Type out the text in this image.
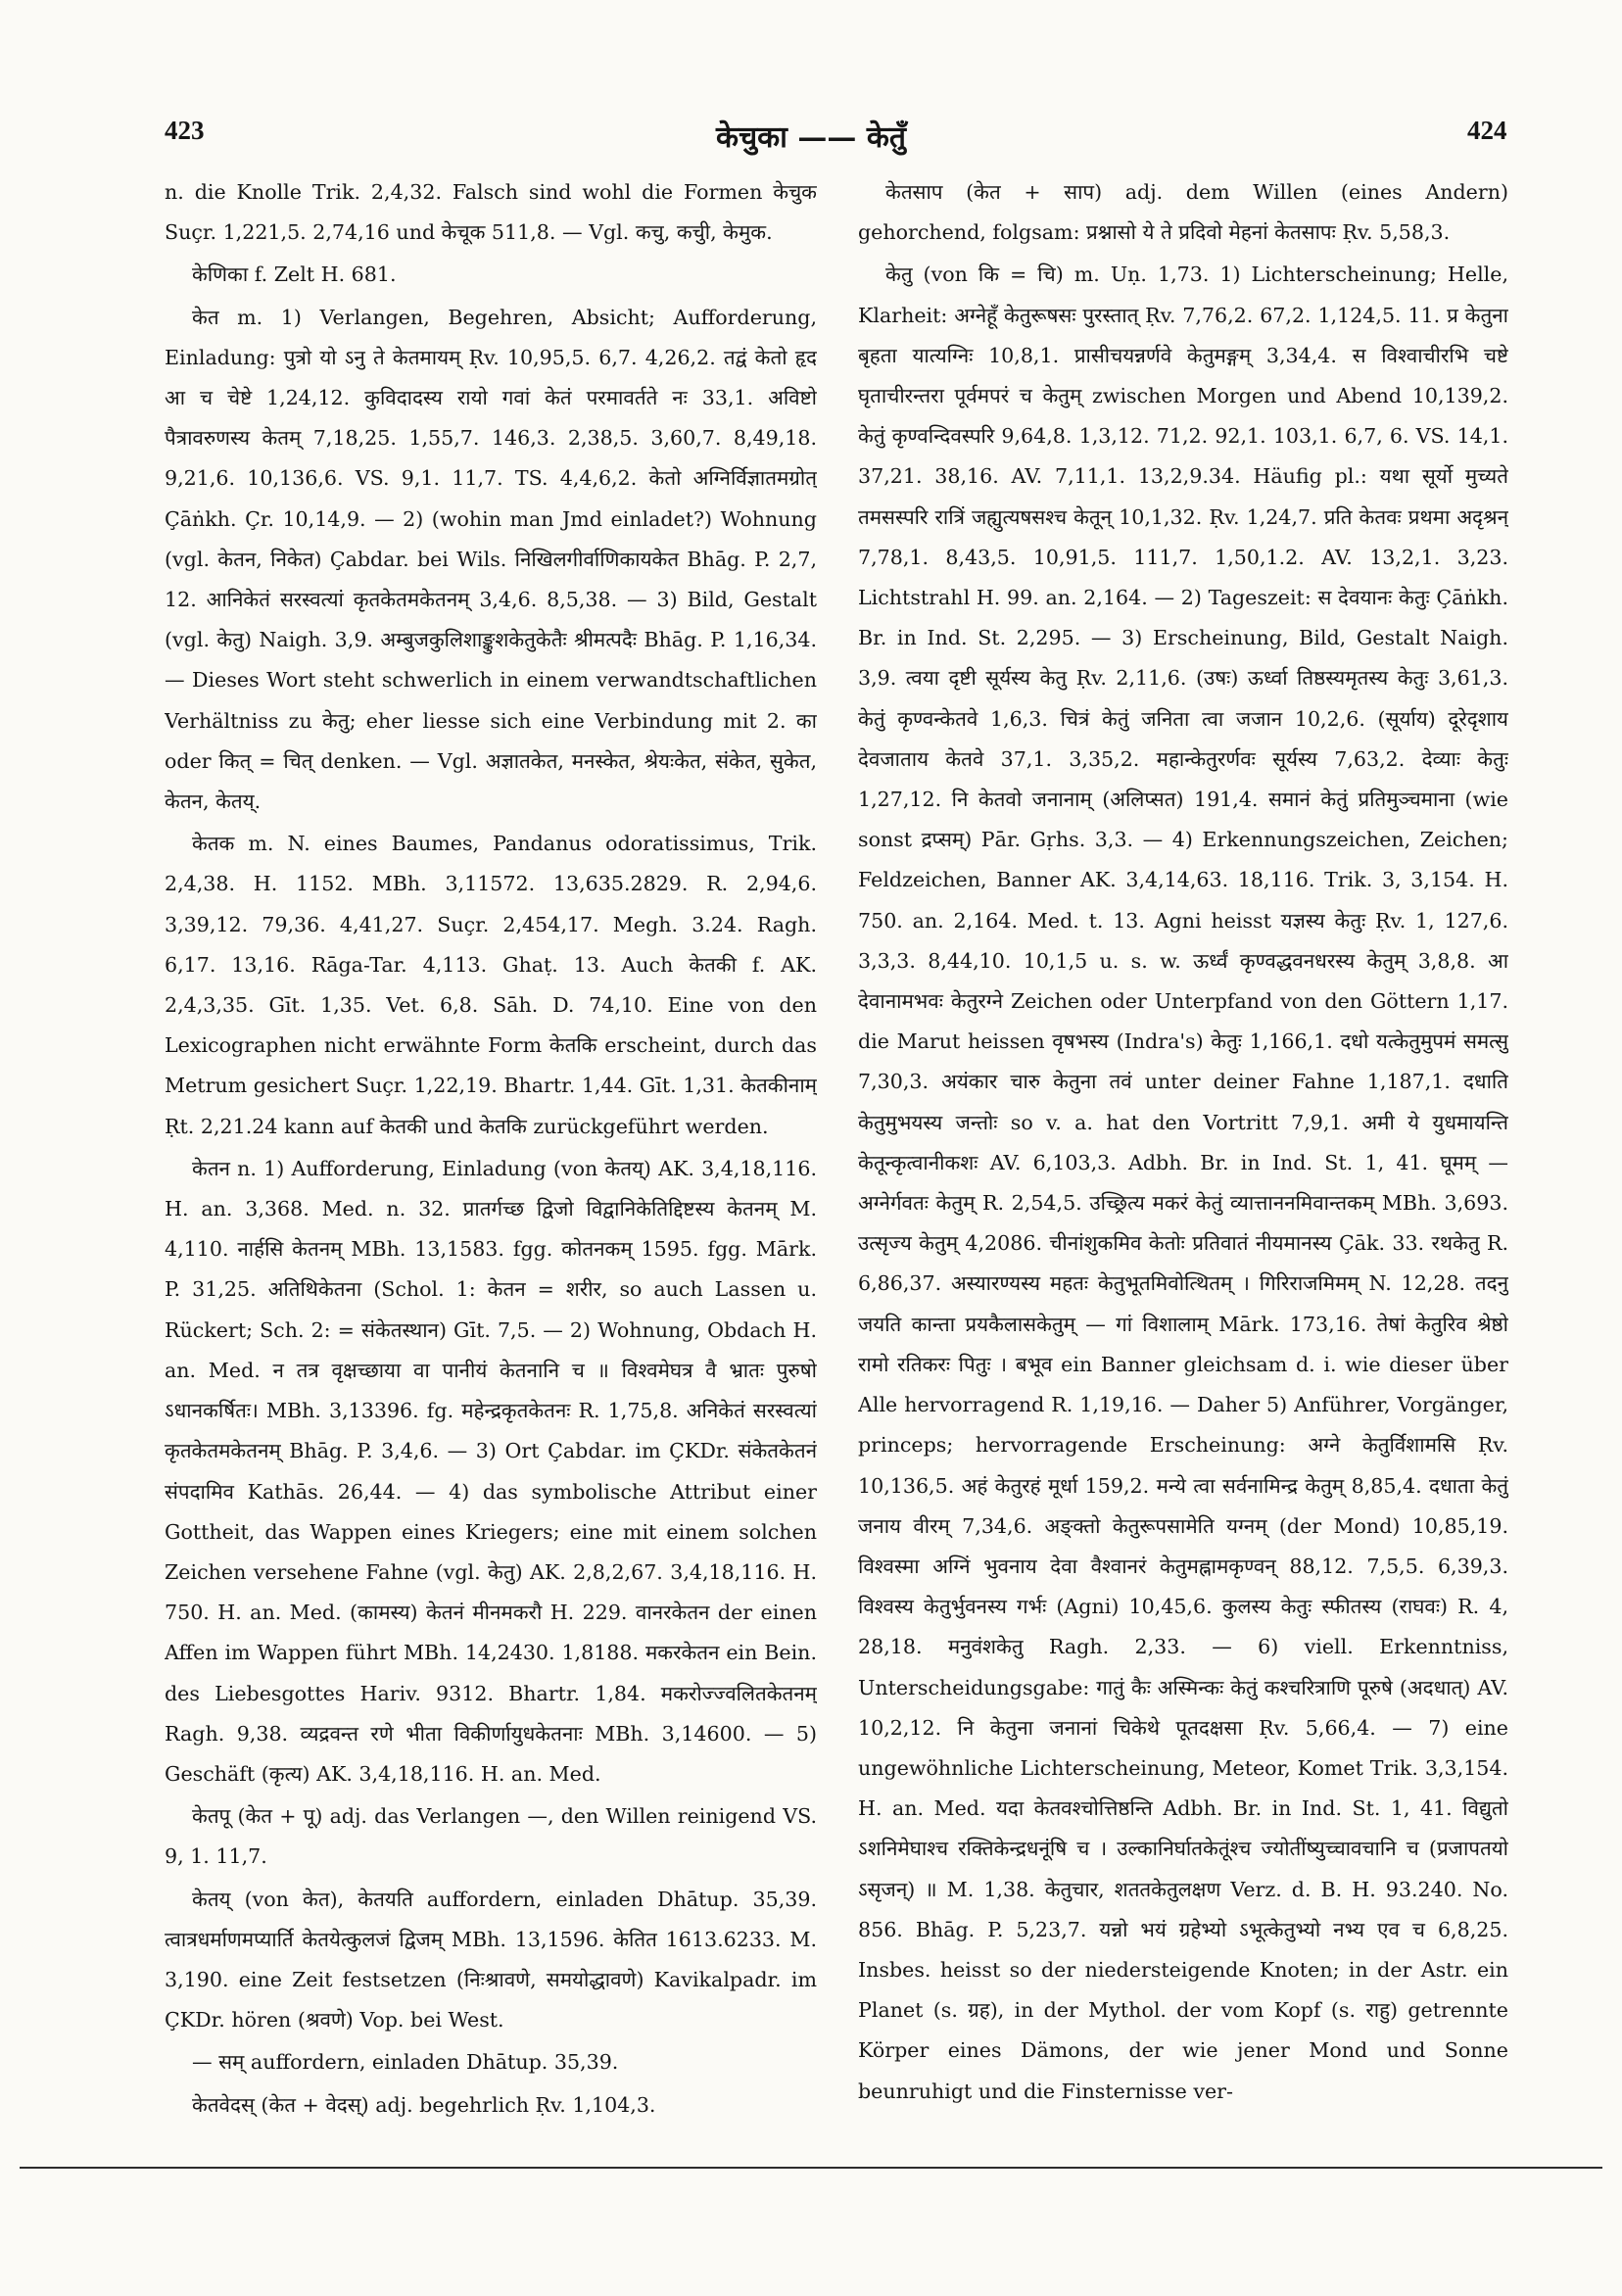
423	केचुका —— केतुँ	424

n. die Knolle Trik. 2,4,32. Falsch sind wohl die Formen केचुक Suçr. 1,221,5. 2,74,16 und केचूक 511,8. — Vgl. कचु, कचुी, केमुक.

केणिका f. Zelt H. 681.

केत m. 1) Verlangen, Begehren, Absicht; Aufforderung, Einladung: पुत्रो यो ऽनु ते केतमायम् Ṛv. 10,95,5. 6,7. 4,26,2. तद्वं केतो हृद आ च चेष्टे 1,24,12. कुविदादस्य रायो गवां केतं परमावर्तते नः 33,1. अविष्टो पैत्रावरुणस्य केतम् 7,18,25. 1,55,7. 146,3. 2,38,5. 3,60,7. 8,49,18. 9,21,6. 10,136,6. VS. 9,1. 11,7. TS. 4,4,6,2. केतो अग्निर्विज्ञातमग्रोत् Çāṅkh. Çr. 10,14,9. — 2) (wohin man Jmd einladet?) Wohnung (vgl. केतन, निकेत) Çabdar. bei Wils. निखिलगीर्वाणिकायकेत Bhāg. P. 2,7, 12. आनिकेतं सरस्वत्यां कृतकेतमकेतनम् 3,4,6. 8,5,38. — 3) Bild, Gestalt (vgl. केतु) Naigh. 3,9. अम्बुजकुलिशाङ्कुशकेतुकेतैः श्रीमत्पदैः Bhāg. P. 1,16,34. — Dieses Wort steht schwerlich in einem verwandtschaftlichen Verhältniss zu केतु; eher liesse sich eine Verbindung mit 2. का oder कित् = चित् denken. — Vgl. अज्ञातकेत, मनस्केत, श्रेयःकेत, संकेत, सुकेत, केतन, केतय्.

केतक m. N. eines Baumes, Pandanus odoratissimus, Trik. 2,4,38. H. 1152. MBh. 3,11572. 13,635.2829. R. 2,94,6. 3,39,12. 79,36. 4,41,27. Suçr. 2,454,17. Megh. 3.24. Ragh. 6,17. 13,16. Rāga-Tar. 4,113. Ghaṭ. 13. Auch केतकी f. AK. 2,4,3,35. Gīt. 1,35. Vet. 6,8. Sāh. D. 74,10. Eine von den Lexicographen nicht erwähnte Form केतकि erscheint, durch das Metrum gesichert Suçr. 1,22,19. Bhartr. 1,44. Gīt. 1,31. केतकीनाम् Ṛt. 2,21.24 kann auf केतकी und केतकि zurückgeführt werden.

केतन n. 1) Aufforderung, Einladung (von केतय्) AK. 3,4,18,116. H. an. 3,368. Med. n. 32. प्रातर्गच्छ द्विजो विद्वानिकेतिद्दिष्टस्य केतनम् M. 4,110. नार्हसि केतनम् MBh. 13,1583. fgg. कोतनकम् 1595. fgg. Mārk. P. 31,25. अतिथिकेतना (Schol. 1: केतन = शरीर, so auch Lassen u. Rückert; Sch. 2: = संकेतस्थान) Gīt. 7,5. — 2) Wohnung, Obdach H. an. Med. न तत्र वृक्षच्छाया वा पानीयं केतनानि च ॥ विश्वमेघत्र वै भ्रातः पुरुषो ऽधानकर्षितः। MBh. 3,13396. fg. महेन्द्रकृतकेतनः R. 1,75,8. अनिकेतं सरस्वत्यां कृतकेतमकेतनम् Bhāg. P. 3,4,6. — 3) Ort Çabdar. im ÇKDr. संकेतकेतनं संपदामिव Kathās. 26,44. — 4) das symbolische Attribut einer Gottheit, das Wappen eines Kriegers; eine mit einem solchen Zeichen versehene Fahne (vgl. केतु) AK. 2,8,2,67. 3,4,18,116. H. 750. H. an. Med. (कामस्य) केतनं मीनमकरौ H. 229. वानरकेतन der einen Affen im Wappen führt MBh. 14,2430. 1,8188. मकरकेतन ein Bein. des Liebesgottes Hariv. 9312. Bhartr. 1,84. मकरोज्ज्वलितकेतनम् Ragh. 9,38. व्यद्रवन्त रणे भीता विकीर्णायुधकेतनाः MBh. 3,14600. — 5) Geschäft (कृत्य) AK. 3,4,18,116. H. an. Med.

केतपू (केत + पू) adj. das Verlangen —, den Willen reinigend VS. 9, 1. 11,7.

केतय् (von केत), केतयति auffordern, einladen Dhātup. 35,39. त्वात्रधर्माणमप्यार्ति केतयेत्कुलजं द्विजम् MBh. 13,1596. केतित 1613.6233. M. 3,190. eine Zeit festsetzen (निःश्रावणे, समयोद्धावणे) Kavikalpadr. im ÇKDr. hören (श्रवणे) Vop. bei West.

— सम् auffordern, einladen Dhātup. 35,39.

केतवेदस् (केत + वेदस्) adj. begehrlich Ṛv. 1,104,3.

केतसाप (केत + साप) adj. dem Willen (eines Andern) gehorchend, folgsam: प्रश्नासो ये ते प्रदिवो मेहनां केतसापः Ṛv. 5,58,3.

केतु (von कि = चि) m. Uṇ. 1,73. 1) Lichterscheinung; Helle, Klarheit: अग्नेहूँ केतुरूषसः पुरस्तात् Ṛv. 7,76,2. 67,2. 1,124,5. 11. प्र केतुना बृहता यात्यग्निः 10,8,1. प्रासीचयन्नर्णवे केतुमङ्गम् 3,34,4. स विश्वाचीरभि चष्टे घृताचीरन्तरा पूर्वमपरं च केतुम् zwischen Morgen und Abend 10,139,2. केतुं कृण्वन्दिवस्परि 9,64,8. 1,3,12. 71,2. 92,1. 103,1. 6,7, 6. VS. 14,1. 37,21. 38,16. AV. 7,11,1. 13,2,9.34. Häufig pl.: यथा सूर्यो मुच्यते तमसस्परि रात्रिं जह्युत्यषसश्च केतून् 10,1,32. Ṛv. 1,24,7. प्रति केतवः प्रथमा अदृश्रन् 7,78,1. 8,43,5. 10,91,5. 111,7. 1,50,1.2. AV. 13,2,1. 3,23. Lichtstrahl H. 99. an. 2,164. — 2) Tageszeit: स देवयानः केतुः Çāṅkh. Br. in Ind. St. 2,295. — 3) Erscheinung, Bild, Gestalt Naigh. 3,9. त्वया दृष्टी सूर्यस्य केतु Ṛv. 2,11,6. (उषः) ऊर्ध्वा तिष्ठस्यमृतस्य केतुः 3,61,3. केतुं कृण्वन्केतवे 1,6,3. चित्रं केतुं जनिता त्वा जजान 10,2,6. (सूर्याय) दूरेदृशाय देवजाताय केतवे 37,1. 3,35,2. महान्केतुरर्णवः सूर्यस्य 7,63,2. देव्याः केतुः 1,27,12. नि केतवो जनानाम् (अलिप्सत) 191,4. समानं केतुं प्रतिमुञ्चमाना (wie sonst द्रप्सम्) Pār. Gṛhs. 3,3. — 4) Erkennungszeichen, Zeichen; Feldzeichen, Banner AK. 3,4,14,63. 18,116. Trik. 3, 3,154. H. 750. an. 2,164. Med. t. 13. Agni heisst यज्ञस्य केतुः Ṛv. 1, 127,6. 3,3,3. 8,44,10. 10,1,5 u. s. w. ऊर्ध्वं कृण्वद्धवनधरस्य केतुम् 3,8,8. आ देवानामभवः केतुरग्ने Zeichen oder Unterpfand von den Göttern 1,17. die Marut heissen वृषभस्य (Indra's) केतुः 1,166,1. दधो यत्केतुमुपमं समत्सु 7,30,3. अयंकार चारु केतुना तवं unter deiner Fahne 1,187,1. दधाति केतुमुभयस्य जन्तोः so v. a. hat den Vortritt 7,9,1. अमी ये युधमायन्ति केतून्कृत्वानीकशः AV. 6,103,3. Adbh. Br. in Ind. St. 1, 41. घूमम् — अग्नेर्गवतः केतुम् R. 2,54,5. उच्छ्रित्य मकरं केतुं व्यात्ताननमिवान्तकम् MBh. 3,693. उत्सृज्य केतुम् 4,2086. चीनांशुकमिव केतोः प्रतिवातं नीयमानस्य Çāk. 33. रथकेतु R. 6,86,37. अस्यारण्यस्य महतः केतुभूतमिवोत्थितम् । गिरिराजमिमम् N. 12,28. तदनु जयति कान्ता प्रयकैलासकेतुम् — गां विशालाम् Mārk. 173,16. तेषां केतुरिव श्रेष्ठो रामो रतिकरः पितुः । बभूव ein Banner gleichsam d. i. wie dieser über Alle hervorragend R. 1,19,16. — Daher 5) Anführer, Vorgänger, princeps; hervorragende Erscheinung: अग्ने केतुर्विशामसि Ṛv. 10,136,5. अहं केतुरहं मूर्धा 159,2. मन्ये त्वा सर्वनामिन्द्र केतुम् 8,85,4. दधाता केतुं जनाय वीरम् 7,34,6. अङ्क्तो केतुरूपसामेति यग्नम् (der Mond) 10,85,19. विश्वस्मा अग्निं भुवनाय देवा वैश्वानरं केतुमह्नामकृण्वन् 88,12. 7,5,5. 6,39,3. विश्वस्य केतुर्भुवनस्य गर्भः (Agni) 10,45,6. कुलस्य केतुः स्फीतस्य (राघवः) R. 4, 28,18. मनुवंशकेतु Ragh. 2,33. — 6) viell. Erkenntniss, Unterscheidungsgabe: गातुं कैः अस्मिन्कः केतुं कश्चरित्राणि पूरुषे (अदधात्) AV. 10,2,12. नि केतुना जनानां चिकेथे पूतदक्षसा Ṛv. 5,66,4. — 7) eine ungewöhnliche Lichterscheinung, Meteor, Komet Trik. 3,3,154. H. an. Med. यदा केतवश्चोत्तिष्ठन्ति Adbh. Br. in Ind. St. 1, 41. विद्युतो ऽशनिमेघाश्च रक्तिकेन्द्रधनूंषि च । उल्कानिर्घातकेतूंश्च ज्योतींष्युच्चावचानि च (प्रजापतयो ऽसृजन्) ॥ M. 1,38. केतुचार, शततकेतुलक्षण Verz. d. B. H. 93.240. No. 856. Bhāg. P. 5,23,7. यन्नो भयं ग्रहेभ्यो ऽभूत्केतुभ्यो नभ्य एव च 6,8,25. Insbes. heisst so der niedersteigende Knoten; in der Astr. ein Planet (s. ग्रह), in der Mythol. der vom Kopf (s. राहु) getrennte Körper eines Dämons, der wie jener Mond und Sonne beunruhigt und die Finsternisse ver-
